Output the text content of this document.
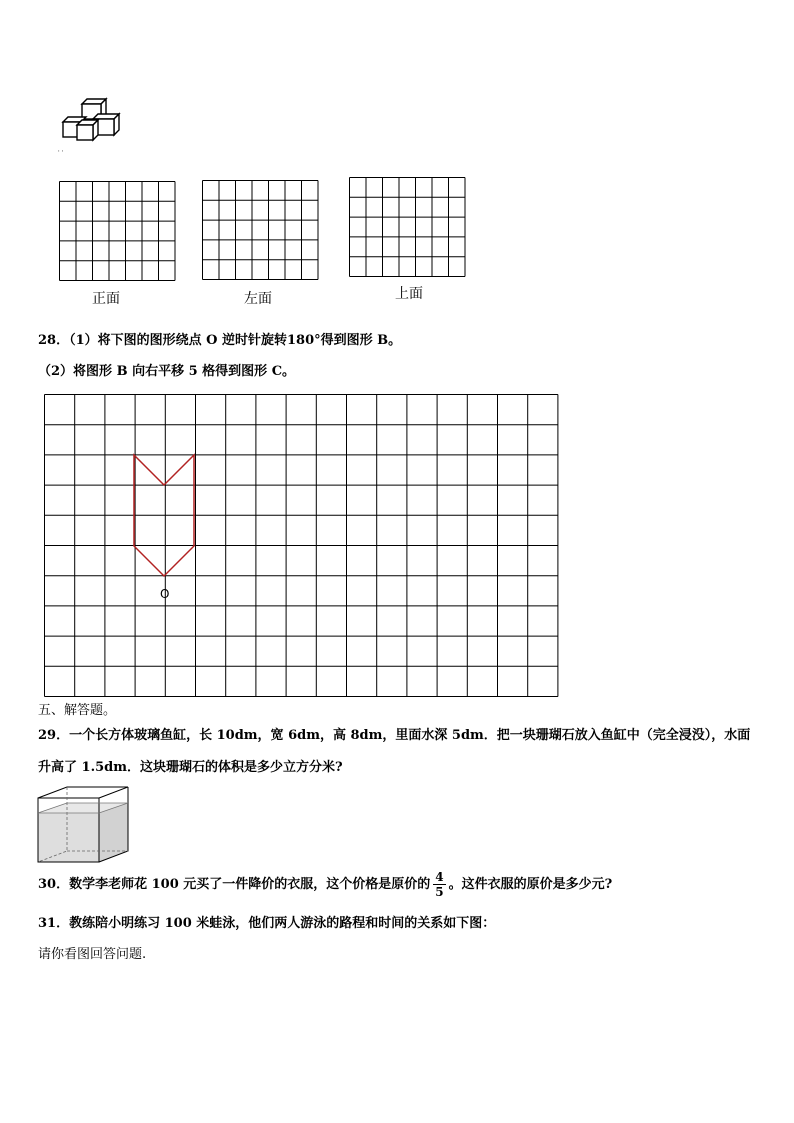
' '
正面	左面	上面
28．（1）将下图的图形绕点 O 逆时针旋转180°得到图形 B。
（2）将图形 B 向右平移 5 格得到图形 C。
O
五、解答题。
29．一个长方体玻璃鱼缸，长 10dm，宽 6dm，高 8dm，里面水深 5dm．把一块珊瑚石放入鱼缸中（完全浸没），水面
升高了 1.5dm．这块珊瑚石的体积是多少立方分米?
30．数学李老师花 100 元买了一件降价的衣服，这个价格是原价的 $\frac{4}{5}$ 。这件衣服的原价是多少元?
31．教练陪小明练习 100 米蛙泳，他们两人游泳的路程和时间的关系如下图：
请你看图回答问题.
